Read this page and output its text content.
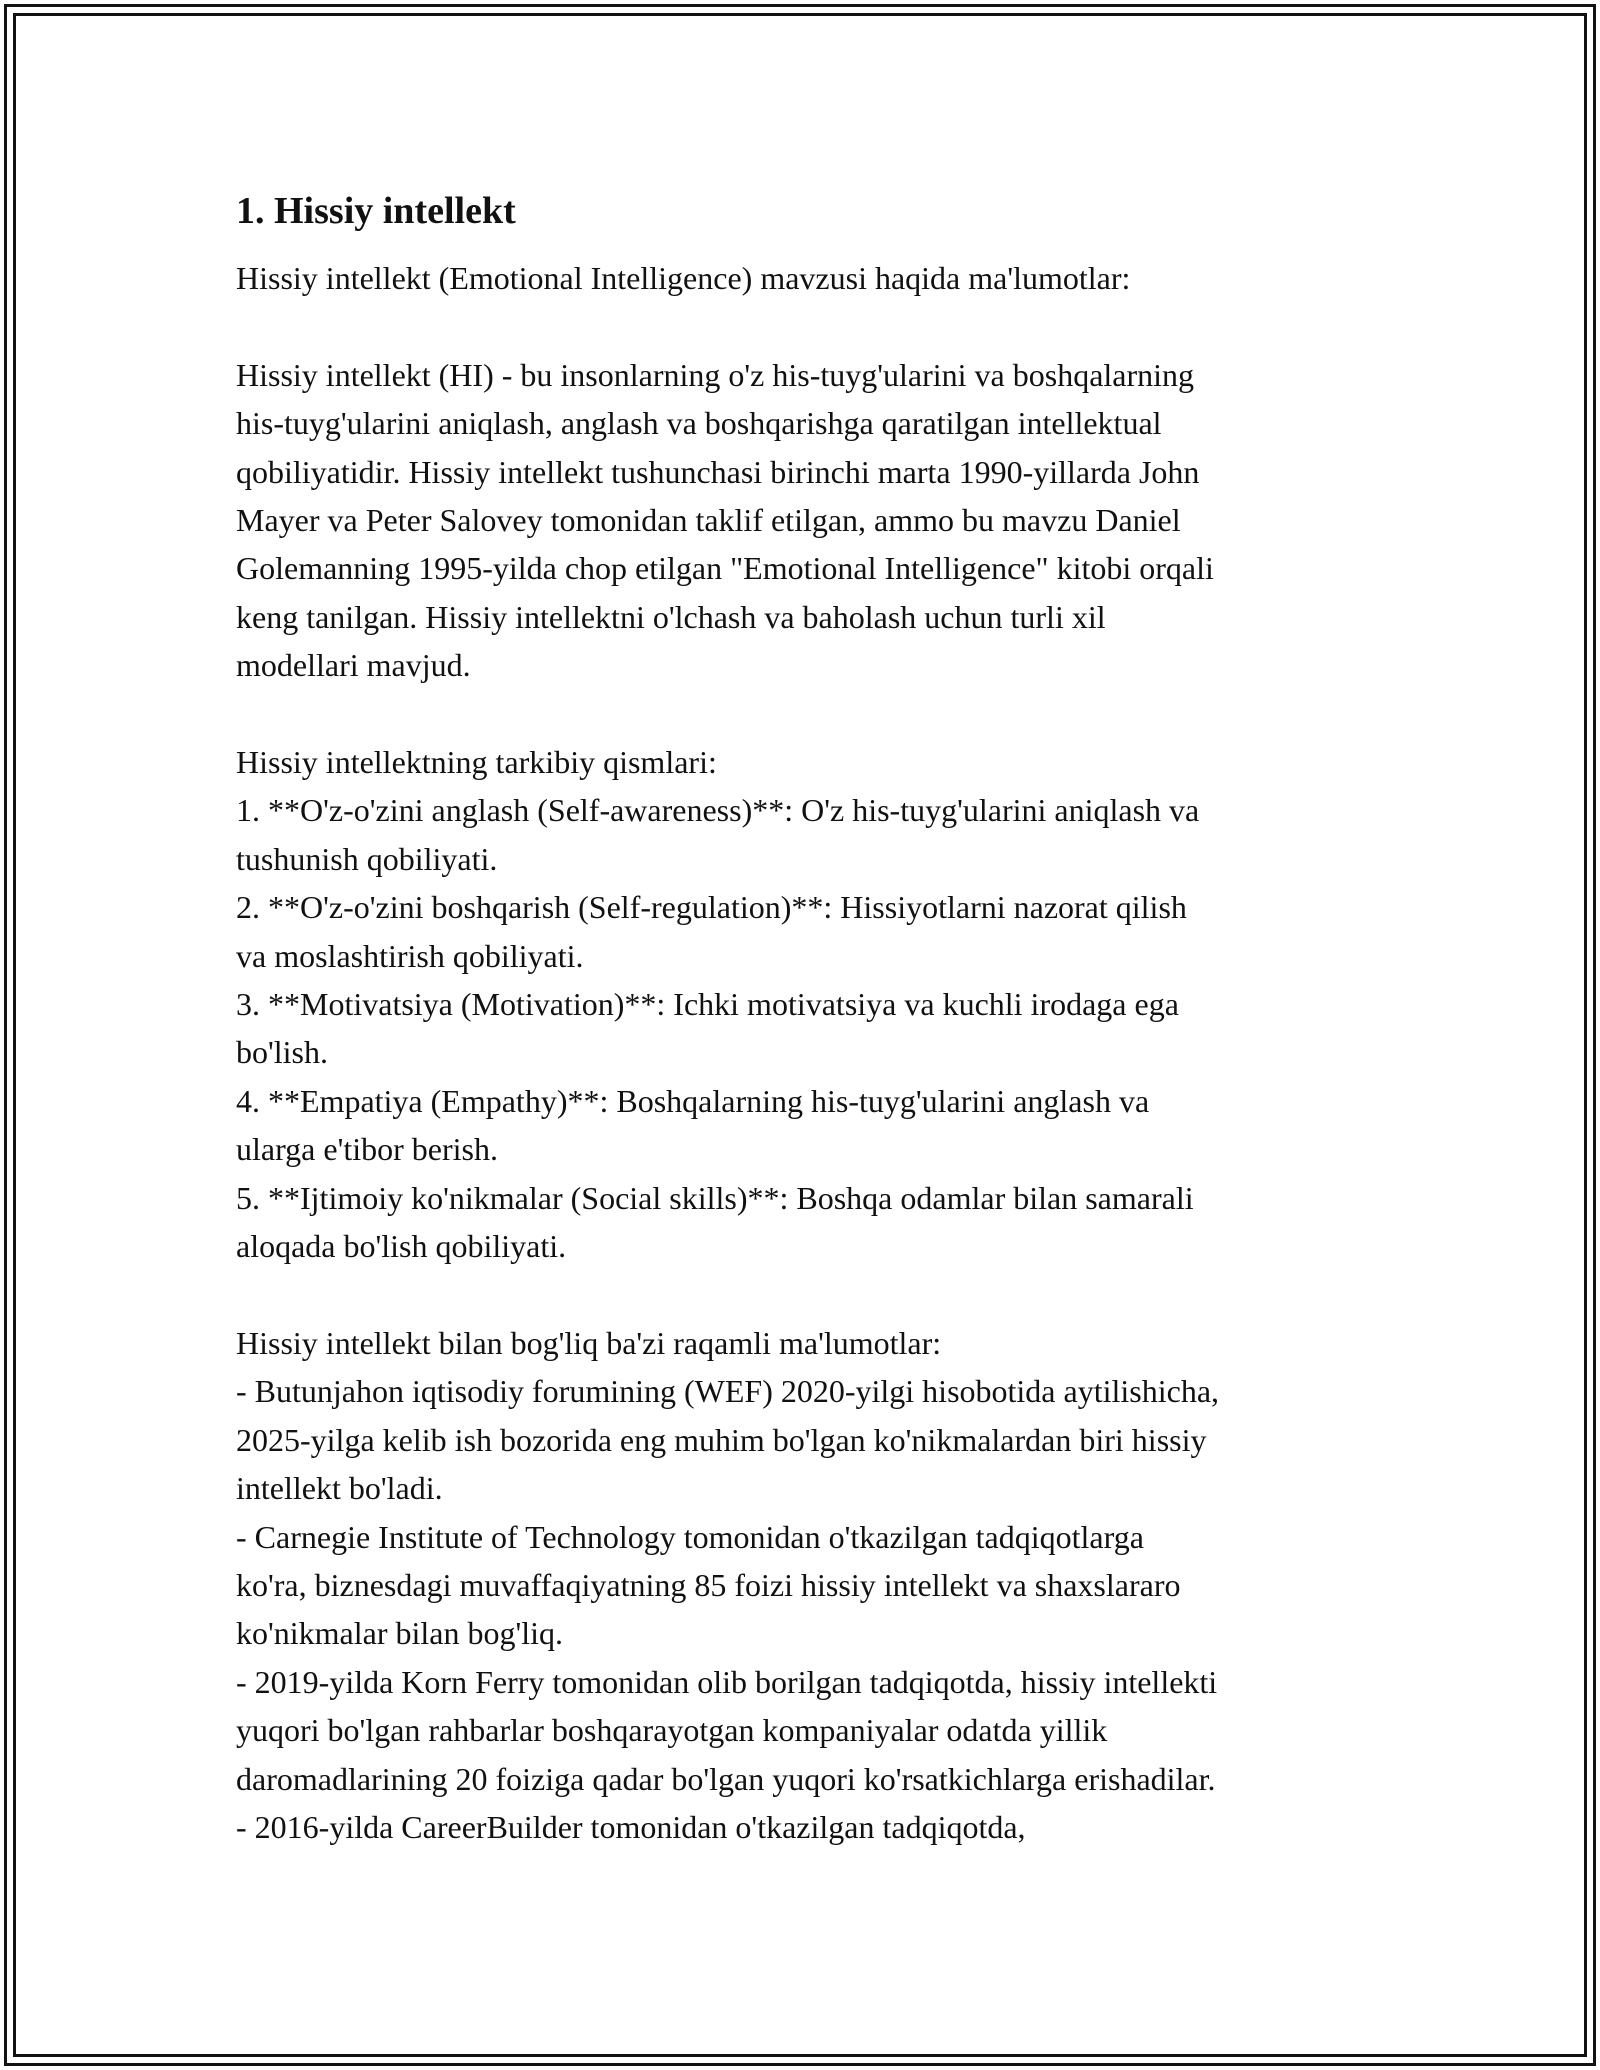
1. Hissiy intellekt

Hissiy intellekt (Emotional Intelligence) mavzusi haqida ma'lumotlar:

Hissiy intellekt (HI) - bu insonlarning o'z his-tuyg'ularini va boshqalarning
his-tuyg'ularini aniqlash, anglash va boshqarishga qaratilgan intellektual
qobiliyatidir. Hissiy intellekt tushunchasi birinchi marta 1990-yillarda John
Mayer va Peter Salovey tomonidan taklif etilgan, ammo bu mavzu Daniel
Golemanning 1995-yilda chop etilgan "Emotional Intelligence" kitobi orqali
keng tanilgan. Hissiy intellektni o'lchash va baholash uchun turli xil
modellari mavjud.

Hissiy intellektning tarkibiy qismlari:
1. **O'z-o'zini anglash (Self-awareness)**: O'z his-tuyg'ularini aniqlash va
tushunish qobiliyati.
2. **O'z-o'zini boshqarish (Self-regulation)**: Hissiyotlarni nazorat qilish
va moslashtirish qobiliyati.
3. **Motivatsiya (Motivation)**: Ichki motivatsiya va kuchli irodaga ega
bo'lish.
4. **Empatiya (Empathy)**: Boshqalarning his-tuyg'ularini anglash va
ularga e'tibor berish.
5. **Ijtimoiy ko'nikmalar (Social skills)**: Boshqa odamlar bilan samarali
aloqada bo'lish qobiliyati.

Hissiy intellekt bilan bog'liq ba'zi raqamli ma'lumotlar:
- Butunjahon iqtisodiy forumining (WEF) 2020-yilgi hisobotida aytilishicha,
2025-yilga kelib ish bozorida eng muhim bo'lgan ko'nikmalardan biri hissiy
intellekt bo'ladi.
- Carnegie Institute of Technology tomonidan o'tkazilgan tadqiqotlarga
ko'ra, biznesdagi muvaffaqiyatning 85 foizi hissiy intellekt va shaxslararo
ko'nikmalar bilan bog'liq.
- 2019-yilda Korn Ferry tomonidan olib borilgan tadqiqotda, hissiy intellekti
yuqori bo'lgan rahbarlar boshqarayotgan kompaniyalar odatda yillik
daromadlarining 20 foiziga qadar bo'lgan yuqori ko'rsatkichlarga erishadilar.
- 2016-yilda CareerBuilder tomonidan o'tkazilgan tadqiqotda,
